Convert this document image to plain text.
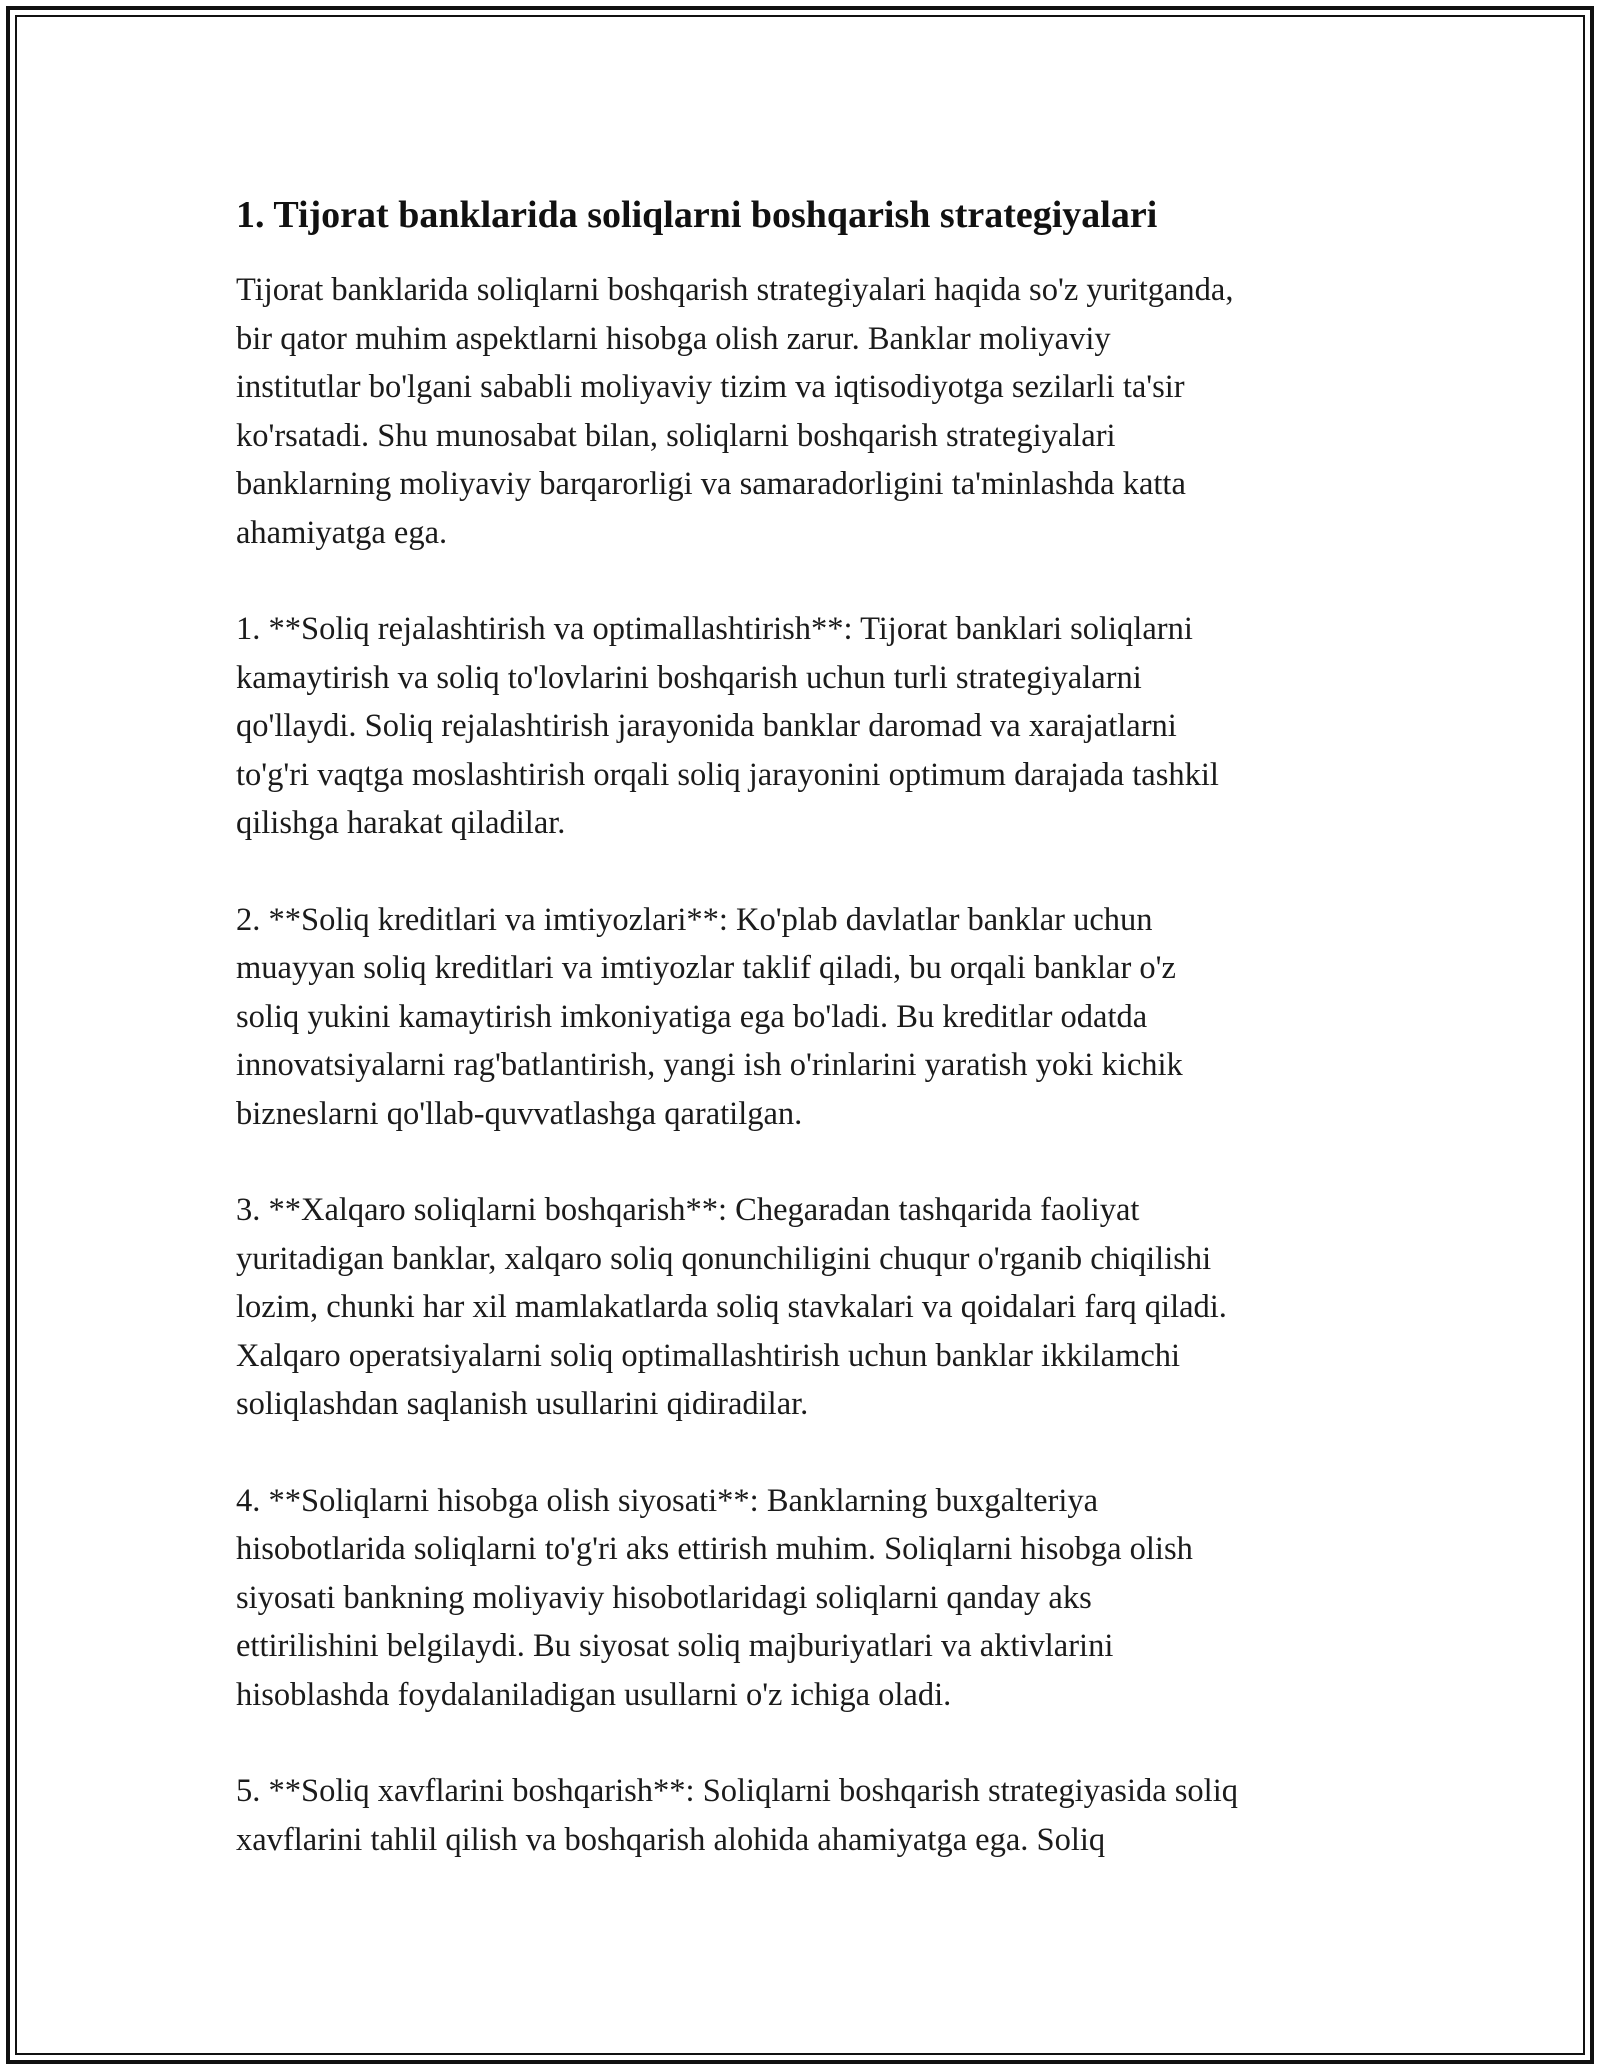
1. Tijorat banklarida soliqlarni boshqarish strategiyalari

Tijorat banklarida soliqlarni boshqarish strategiyalari haqida so'z yuritganda,
bir qator muhim aspektlarni hisobga olish zarur. Banklar moliyaviy
institutlar bo'lgani sababli moliyaviy tizim va iqtisodiyotga sezilarli ta'sir
ko'rsatadi. Shu munosabat bilan, soliqlarni boshqarish strategiyalari
banklarning moliyaviy barqarorligi va samaradorligini ta'minlashda katta
ahamiyatga ega.

1. **Soliq rejalashtirish va optimallashtirish**: Tijorat banklari soliqlarni
kamaytirish va soliq to'lovlarini boshqarish uchun turli strategiyalarni
qo'llaydi. Soliq rejalashtirish jarayonida banklar daromad va xarajatlarni
to'g'ri vaqtga moslashtirish orqali soliq jarayonini optimum darajada tashkil
qilishga harakat qiladilar.

2. **Soliq kreditlari va imtiyozlari**: Ko'plab davlatlar banklar uchun
muayyan soliq kreditlari va imtiyozlar taklif qiladi, bu orqali banklar o'z
soliq yukini kamaytirish imkoniyatiga ega bo'ladi. Bu kreditlar odatda
innovatsiyalarni rag'batlantirish, yangi ish o'rinlarini yaratish yoki kichik
bizneslarni qo'llab-quvvatlashga qaratilgan.

3. **Xalqaro soliqlarni boshqarish**: Chegaradan tashqarida faoliyat
yuritadigan banklar, xalqaro soliq qonunchiligini chuqur o'rganib chiqilishi
lozim, chunki har xil mamlakatlarda soliq stavkalari va qoidalari farq qiladi.
Xalqaro operatsiyalarni soliq optimallashtirish uchun banklar ikkilamchi
soliqlashdan saqlanish usullarini qidiradilar.

4. **Soliqlarni hisobga olish siyosati**: Banklarning buxgalteriya
hisobotlarida soliqlarni to'g'ri aks ettirish muhim. Soliqlarni hisobga olish
siyosati bankning moliyaviy hisobotlaridagi soliqlarni qanday aks
ettirilishini belgilaydi. Bu siyosat soliq majburiyatlari va aktivlarini
hisoblashda foydalaniladigan usullarni o'z ichiga oladi.

5. **Soliq xavflarini boshqarish**: Soliqlarni boshqarish strategiyasida soliq
xavflarini tahlil qilish va boshqarish alohida ahamiyatga ega. Soliq
